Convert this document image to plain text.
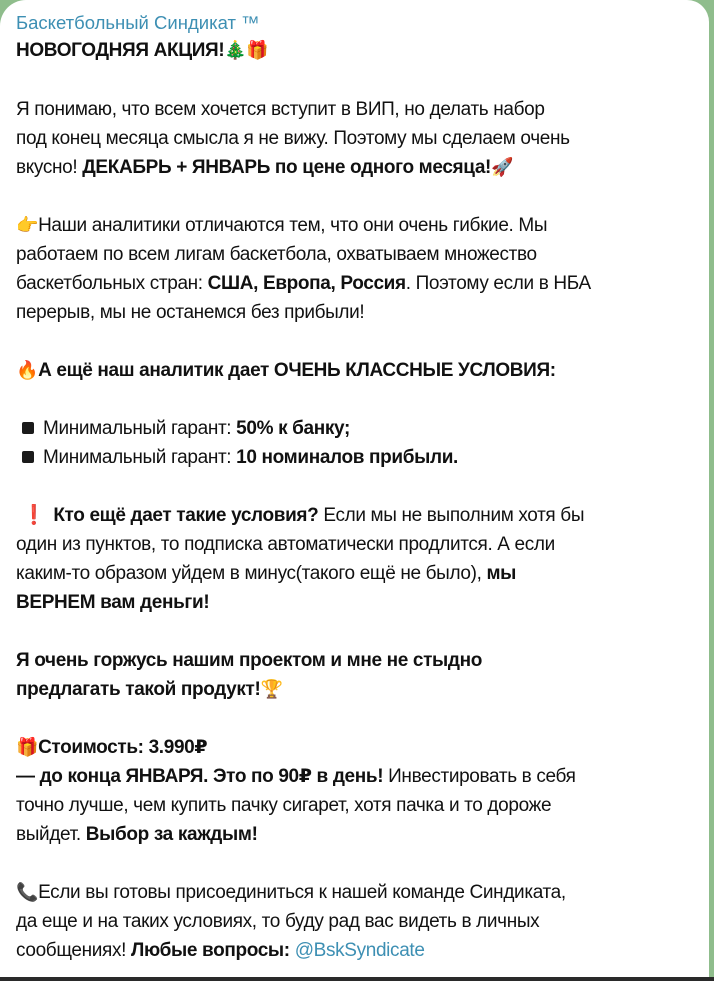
Баскетбольный Синдикат ™
НОВОГОДНЯЯ АКЦИЯ!🎄🎁
Я понимаю, что всем хочется вступит в ВИП, но делать набор
под конец месяца смысла я не вижу. Поэтому мы сделаем очень
вкусно! ДЕКАБРЬ + ЯНВАРЬ по цене одного месяца!🚀
👉Наши аналитики отличаются тем, что они очень гибкие. Мы
работаем по всем лигам баскетбола, охватываем множество
баскетбольных стран: США, Европа, Россия. Поэтому если в НБА
перерыв, мы не останемся без прибыли!
🔥А ещё наш аналитик дает ОЧЕНЬ КЛАССНЫЕ УСЛОВИЯ:
Минимальный гарант: 50% к банку;
Минимальный гарант: 10 номиналов прибыли.
❗ Кто ещё дает такие условия? Если мы не выполним хотя бы
один из пунктов, то подписка автоматически продлится. А если
каким-то образом уйдем в минус(такого ещё не было), мы
ВЕРНЕМ вам деньги!
Я очень горжусь нашим проектом и мне не стыдно
предлагать такой продукт!🏆
🎁Стоимость: 3.990₽
— до конца ЯНВАРЯ. Это по 90₽ в день! Инвестировать в себя
точно лучше, чем купить пачку сигарет, хотя пачка и то дороже
выйдет. Выбор за каждым!
📞Если вы готовы присоединиться к нашей команде Синдиката,
да еще и на таких условиях, то буду рад вас видеть в личных
сообщениях! Любые вопросы: @BskSyndicate
